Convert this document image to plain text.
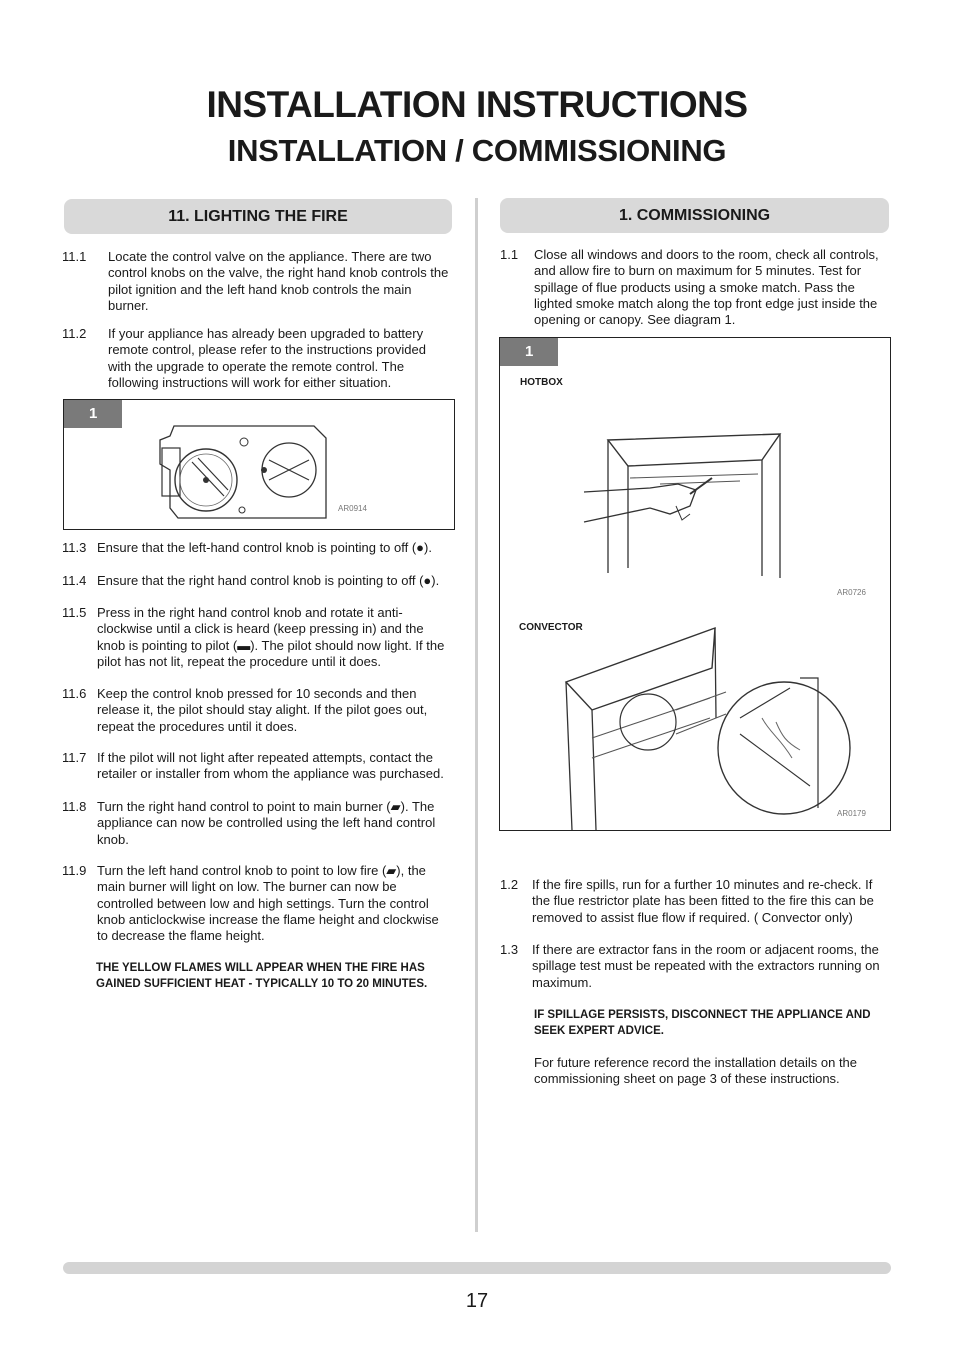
INSTALLATION INSTRUCTIONS
INSTALLATION / COMMISSIONING
11. LIGHTING THE FIRE
11.1 Locate the control valve on the appliance. There are two control knobs on the valve, the right hand knob controls the pilot ignition and the left hand knob controls the main burner.
11.2 If your appliance has already been upgraded to battery remote control, please refer to the instructions provided with the upgrade to operate the remote control. The following instructions will work for either situation.
1
AR0914
11.3 Ensure that the left-hand control knob is pointing to off (●).
11.4 Ensure that the right hand control knob is pointing to off (●).
11.5 Press in the right hand control knob and rotate it anti-clockwise until a click is heard (keep pressing in) and the knob is pointing to pilot (▬). The pilot should now light. If the pilot has not lit, repeat the procedure until it does.
11.6 Keep the control knob pressed for 10 seconds and then release it, the pilot should stay alight. If the pilot goes out, repeat the procedures until it does.
11.7 If the pilot will not light after repeated attempts, contact the retailer or installer from whom the appliance was purchased.
11.8 Turn the right hand control to point to main burner (▰). The appliance can now be controlled using the left hand control knob.
11.9 Turn the left hand control knob to point to low fire (▰), the main burner will light on low. The burner can now be controlled between low and high settings. Turn the control knob anticlockwise increase the flame height and clockwise to decrease the flame height.
THE YELLOW FLAMES WILL APPEAR WHEN THE FIRE HAS GAINED SUFFICIENT HEAT - TYPICALLY 10 TO 20 MINUTES.
1. COMMISSIONING
1.1 Close all windows and doors to the room, check all controls, and allow fire to burn on maximum for 5 minutes. Test for spillage of flue products using a smoke match. Pass the lighted smoke match along the top front edge just inside the opening or canopy. See diagram 1.
1
HOTBOX
AR0726
CONVECTOR
AR0179
1.2 If the fire spills, run for a further 10 minutes and re-check. If the flue restrictor plate has been fitted to the fire this can be removed to assist flue flow if required. ( Convector only)
1.3 If there are extractor fans in the room or adjacent rooms, the spillage test must be repeated with the extractors running on maximum.
IF SPILLAGE PERSISTS, DISCONNECT THE APPLIANCE AND SEEK EXPERT ADVICE.
For future reference record the installation details on the commissioning sheet on page 3 of these instructions.
17
